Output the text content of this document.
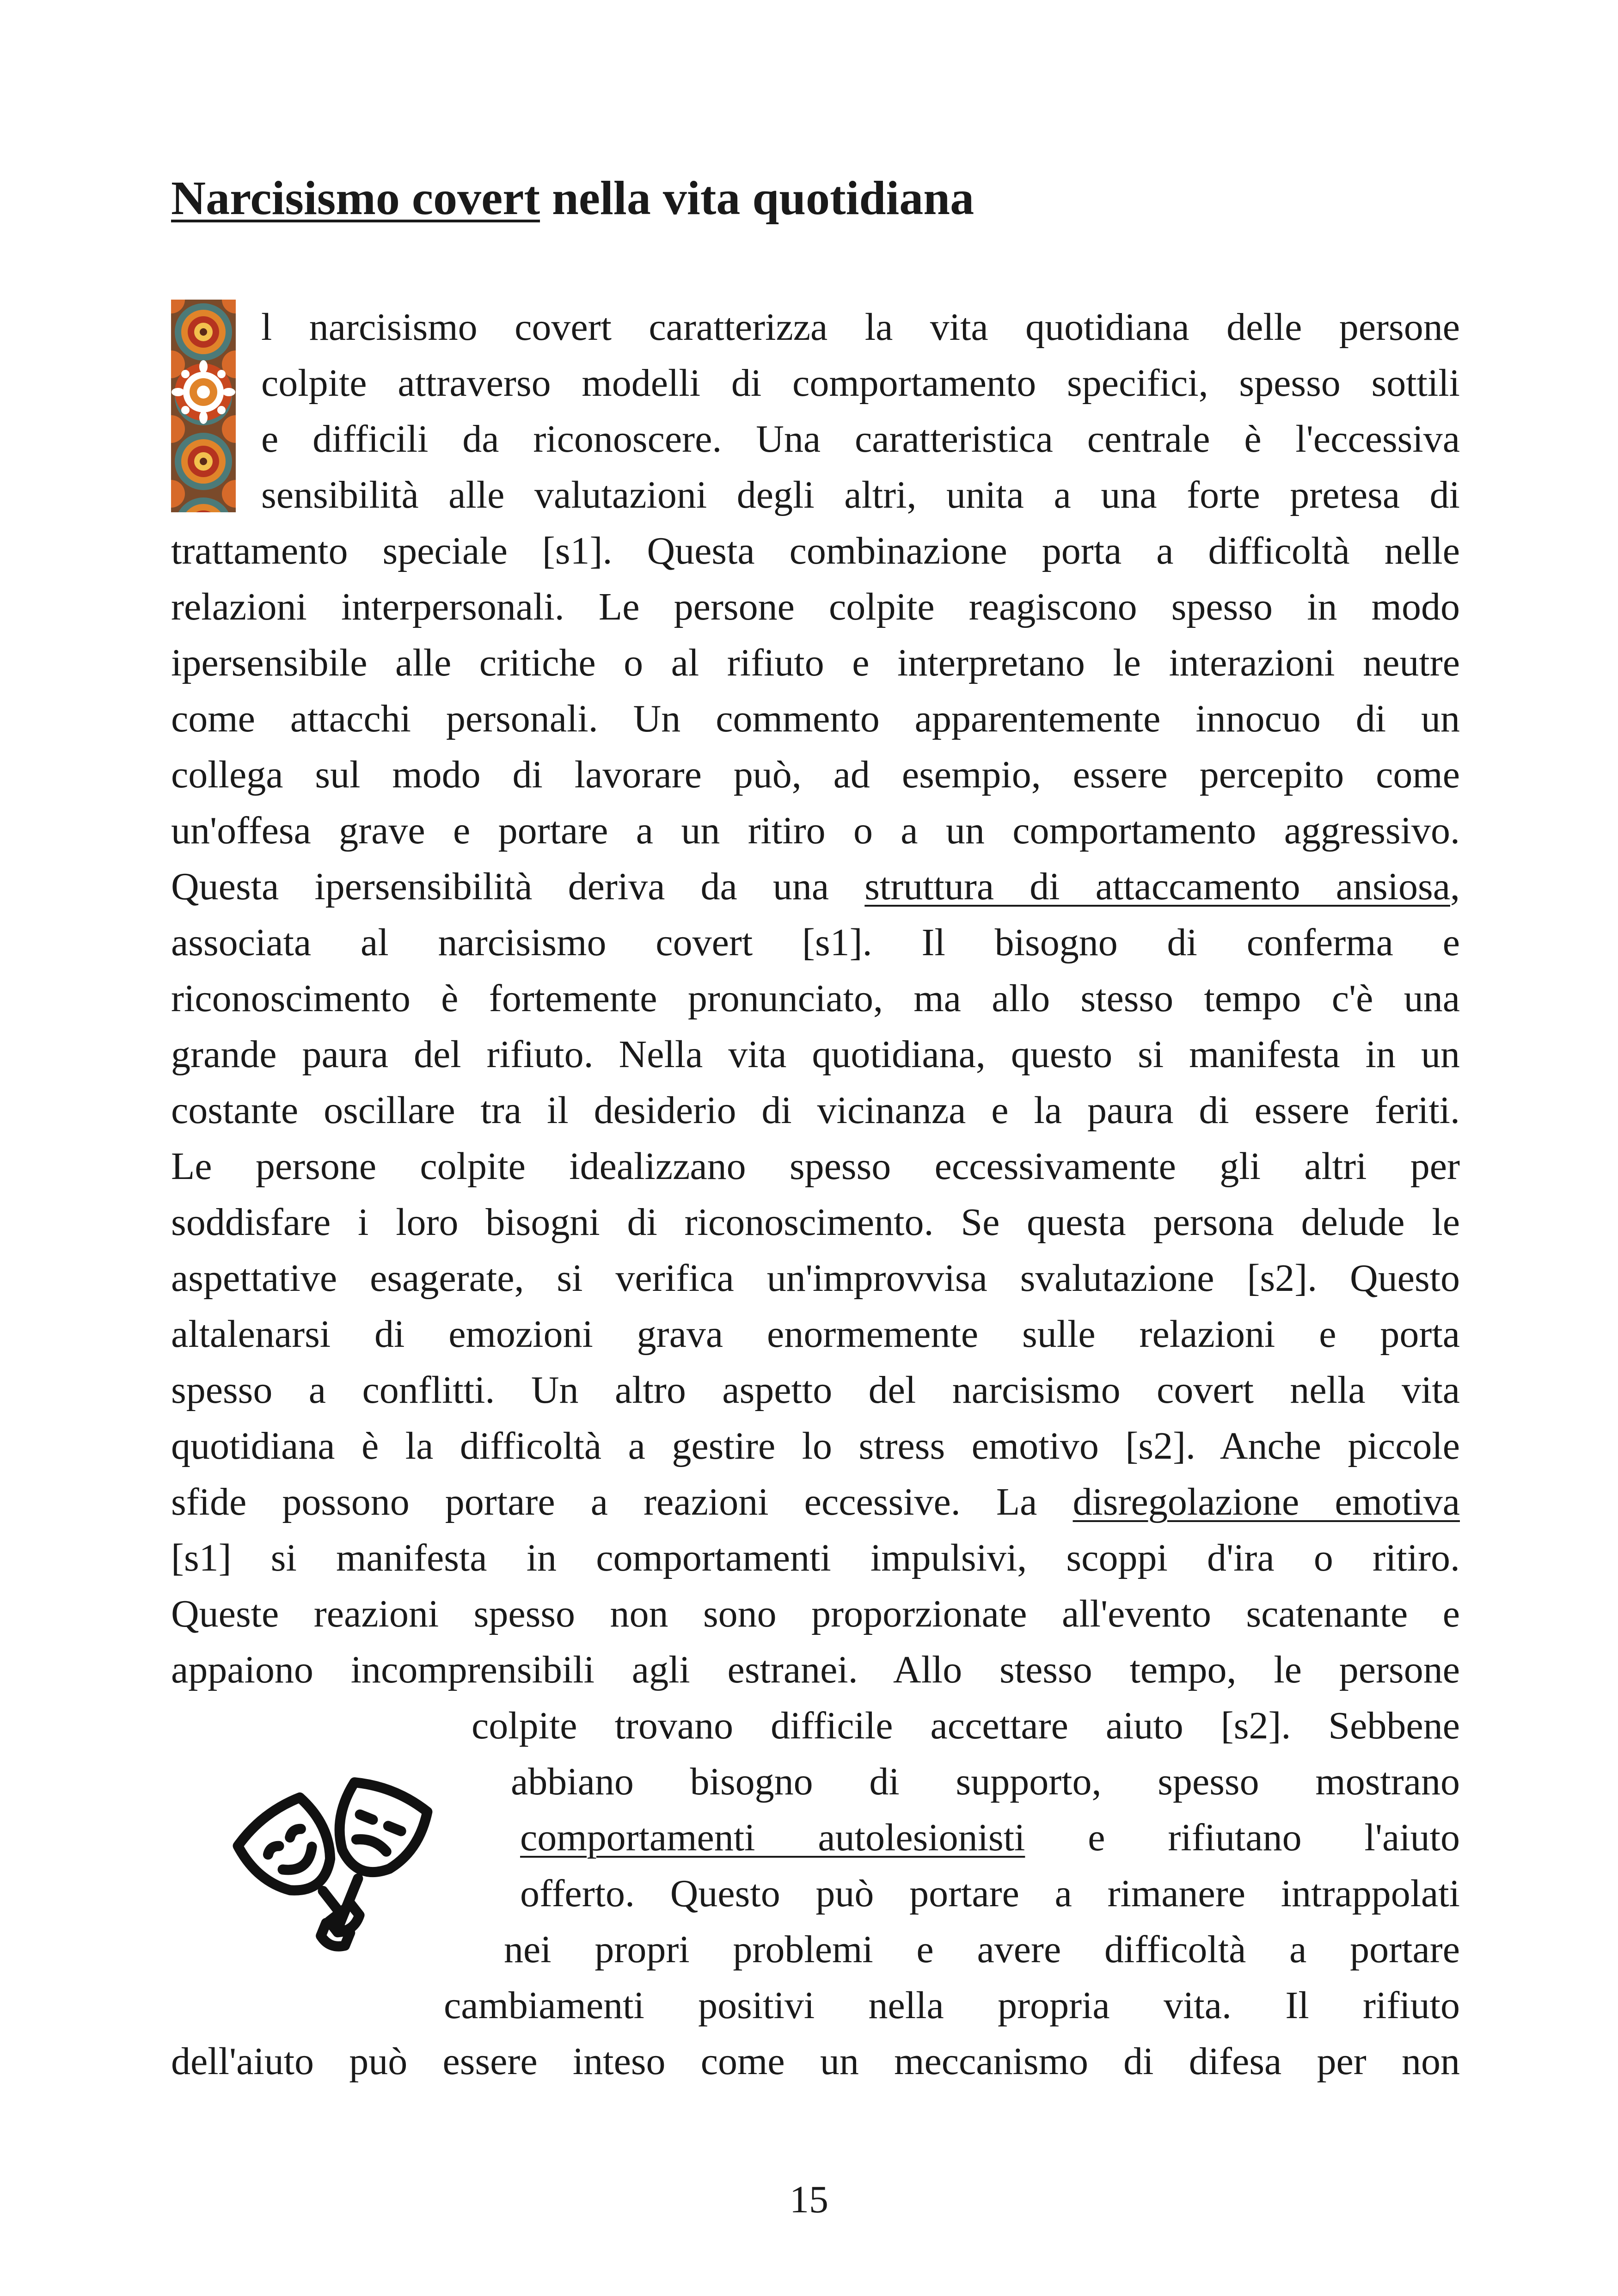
Narcisismo covert nella vita quotidiana
l narcisismo covert caratterizza la vita quotidiana delle persone
colpite attraverso modelli di comportamento specifici, spesso sottili
e difficili da riconoscere. Una caratteristica centrale è l'eccessiva
sensibilità alle valutazioni degli altri, unita a una forte pretesa di
trattamento speciale [s1]. Questa combinazione porta a difficoltà nelle
relazioni interpersonali. Le persone colpite reagiscono spesso in modo
ipersensibile alle critiche o al rifiuto e interpretano le interazioni neutre
come attacchi personali. Un commento apparentemente innocuo di un
collega sul modo di lavorare può, ad esempio, essere percepito come
un'offesa grave e portare a un ritiro o a un comportamento aggressivo.
Questa ipersensibilità deriva da una struttura di attaccamento ansiosa,
associata al narcisismo covert [s1]. Il bisogno di conferma e
riconoscimento è fortemente pronunciato, ma allo stesso tempo c'è una
grande paura del rifiuto. Nella vita quotidiana, questo si manifesta in un
costante oscillare tra il desiderio di vicinanza e la paura di essere feriti.
Le persone colpite idealizzano spesso eccessivamente gli altri per
soddisfare i loro bisogni di riconoscimento. Se questa persona delude le
aspettative esagerate, si verifica un'improvvisa svalutazione [s2]. Questo
altalenarsi di emozioni grava enormemente sulle relazioni e porta
spesso a conflitti. Un altro aspetto del narcisismo covert nella vita
quotidiana è la difficoltà a gestire lo stress emotivo [s2]. Anche piccole
sfide possono portare a reazioni eccessive. La disregolazione emotiva
[s1] si manifesta in comportamenti impulsivi, scoppi d'ira o ritiro.
Queste reazioni spesso non sono proporzionate all'evento scatenante e
appaiono incomprensibili agli estranei. Allo stesso tempo, le persone
colpite trovano difficile accettare aiuto [s2]. Sebbene
abbiano bisogno di supporto, spesso mostrano
comportamenti autolesionisti e rifiutano l'aiuto
offerto. Questo può portare a rimanere intrappolati
nei propri problemi e avere difficoltà a portare
cambiamenti positivi nella propria vita. Il rifiuto
dell'aiuto può essere inteso come un meccanismo di difesa per non
15
